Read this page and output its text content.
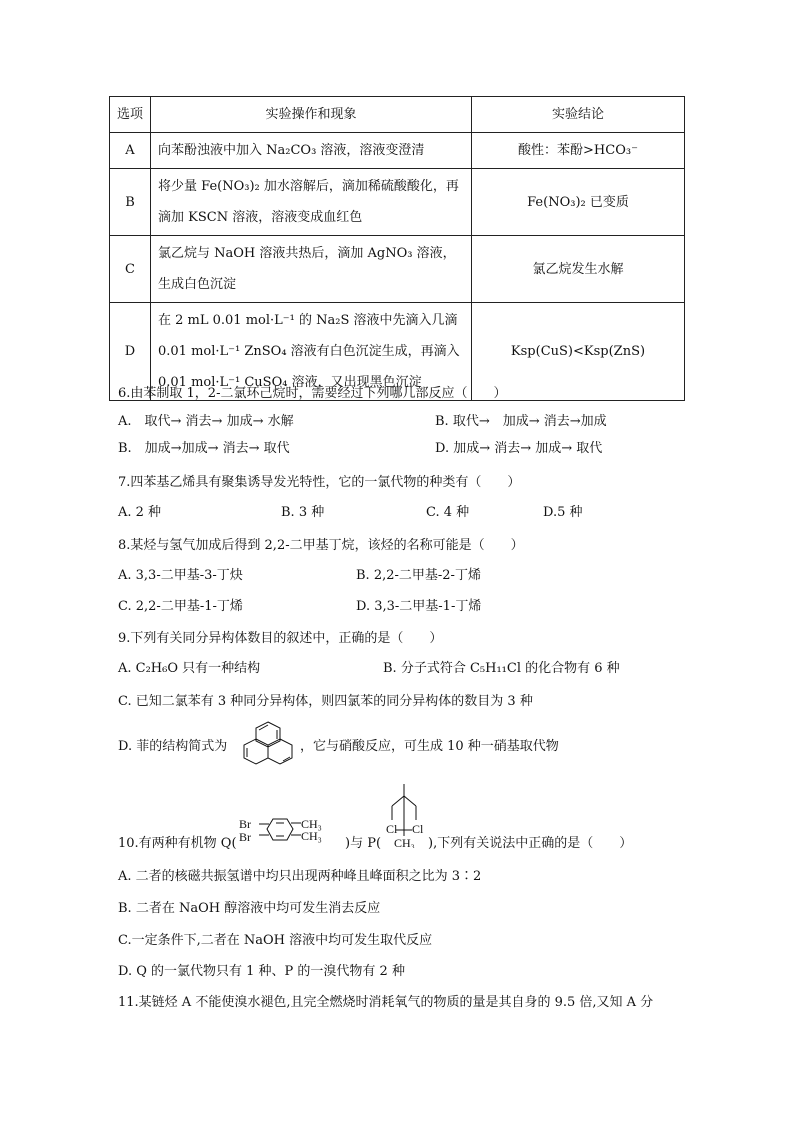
选项	实验操作和现象	实验结论
A	向苯酚浊液中加入 Na₂CO₃ 溶液，溶液变澄清	酸性：苯酚>HCO₃⁻
B	将少量 Fe(NO₃)₂ 加水溶解后，滴加稀硫酸酸化，再
滴加 KSCN 溶液，溶液变成血红色	Fe(NO₃)₂ 已变质
C	氯乙烷与 NaOH 溶液共热后，滴加 AgNO₃ 溶液，
生成白色沉淀	氯乙烷发生水解
D	在 2 mL 0.01 mol·L⁻¹ 的 Na₂S 溶液中先滴入几滴
0.01 mol·L⁻¹ ZnSO₄ 溶液有白色沉淀生成，再滴入
0.01 mol·L⁻¹ CuSO₄ 溶液，又出现黑色沉淀	Ksp(CuS)<Ksp(ZnS)
6.由苯制取 1，2-二氯环己烷时，需要经过下列哪几部反应（　　）
A.　取代→ 消去→ 加成→ 水解	B. 取代→　加成→ 消去→加成
B.　加成→加成→ 消去→ 取代	D. 加成→ 消去→ 加成→ 取代
7.四苯基乙烯具有聚集诱导发光特性，它的一氯代物的种类有（　　）
A. 2 种	B. 3 种	C. 4 种	D.5 种
8.某烃与氢气加成后得到 2,2-二甲基丁烷，该烃的名称可能是（　　）
A. 3,3-二甲基-3-丁炔	B. 2,2-二甲基-2-丁烯
C. 2,2-二甲基-1-丁烯	D. 3,3-二甲基-1-丁烯
9.下列有关同分异构体数目的叙述中，正确的是（　　）
A. C₂H₆O 只有一种结构	B. 分子式符合 C₅H₁₁Cl 的化合物有 6 种
C. 已知二氯苯有 3 种同分异构体，则四氯苯的同分异构体的数目为 3 种
D. 菲的结构简式为	，它与硝酸反应，可生成 10 种一硝基取代物
10.有两种有机物 Q(
Br
Br
CH₃
CH₃ )与 P(
Cl Cl
CH₃ ),下列有关说法中正确的是（　　）
A. 二者的核磁共振氢谱中均只出现两种峰且峰面积之比为 3∶2
B. 二者在 NaOH 醇溶液中均可发生消去反应
C.一定条件下,二者在 NaOH 溶液中均可发生取代反应
D. Q 的一氯代物只有 1 种、P 的一溴代物有 2 种
11.某链烃 A 不能使溴水褪色,且完全燃烧时消耗氧气的物质的量是其自身的 9.5 倍,又知 A 分
